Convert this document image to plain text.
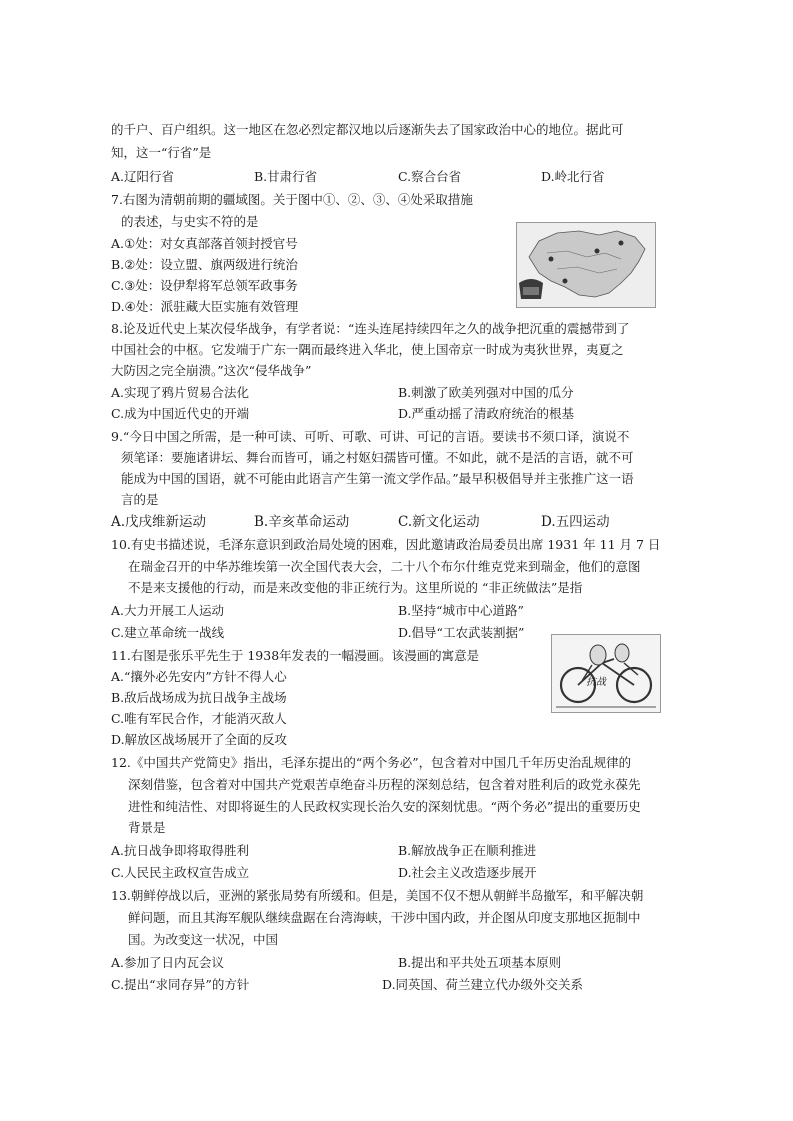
的千户、百户组织。这一地区在忽必烈定都汉地以后逐渐失去了国家政治中心的地位。据此可
知，这一“行省”是
A.辽阳行省	B.甘肃行省	C.察合台省	D.岭北行省
7.右图为清朝前期的疆域图。关于图中①、②、③、④处采取措施
的表述，与史实不符的是
A.①处：对女真部落首领封授官号
B.②处：设立盟、旗两级进行统治
C.③处：设伊犁将军总领军政事务
D.④处：派驻藏大臣实施有效管理
8.论及近代史上某次侵华战争，有学者说：“连头连尾持续四年之久的战争把沉重的震撼带到了
中国社会的中枢。它发端于广东一隅而最终进入华北，使上国帝京一时成为夷狄世界，夷夏之
大防因之完全崩溃。”这次“侵华战争”
A.实现了鸦片贸易合法化	B.刺激了欧美列强对中国的瓜分
C.成为中国近代史的开端	D.严重动摇了清政府统治的根基
9.“今日中国之所需，是一种可读、可听、可歌、可讲、可记的言语。要读书不须口译，演说不
须笔译：要施诸讲坛、舞台而皆可，诵之村妪妇孺皆可懂。不如此，就不是活的言语，就不可
能成为中国的国语，就不可能由此语言产生第一流文学作品。”最早积极倡导并主张推广这一语
言的是
A.戊戌维新运动	B.辛亥革命运动	C.新文化运动	D.五四运动
10.有史书描述说，毛泽东意识到政治局处境的困难，因此邀请政治局委员出席 1931 年 11 月 7 日
在瑞金召开的中华苏维埃第一次全国代表大会，二十八个布尔什维克党来到瑞金，他们的意图
不是来支援他的行动，而是来改变他的非正统行为。这里所说的 “非正统做法”是指
A.大力开展工人运动	B.坚持“城市中心道路”
C.建立革命统一战线	D.倡导“工农武装割据”
11.右图是张乐平先生于 1938年发表的一幅漫画。该漫画的寓意是
A.“攘外必先安内”方针不得人心
B.敌后战场成为抗日战争主战场
C.唯有军民合作，才能消灭敌人
D.解放区战场展开了全面的反攻
12.《中国共产党简史》指出，毛泽东提出的“两个务必”，包含着对中国几千年历史治乱规律的
深刻借鉴，包含着对中国共产党艰苦卓绝奋斗历程的深刻总结，包含着对胜利后的政党永葆先
进性和纯洁性、对即将诞生的人民政权实现长治久安的深刻忧患。“两个务必”提出的重要历史
背景是
A.抗日战争即将取得胜利	B.解放战争正在顺利推进
C.人民民主政权宣告成立	D.社会主义改造逐步展开
13.朝鲜停战以后，亚洲的紧张局势有所缓和。但是，美国不仅不想从朝鲜半岛撤军，和平解决朝
鲜问题，而且其海军舰队继续盘踞在台湾海峡，干涉中国内政，并企图从印度支那地区扼制中
国。为改变这一状况，中国
A.参加了日内瓦会议	B.提出和平共处五项基本原则
C.提出“求同存异”的方针	D.同英国、荷兰建立代办级外交关系
抗战
